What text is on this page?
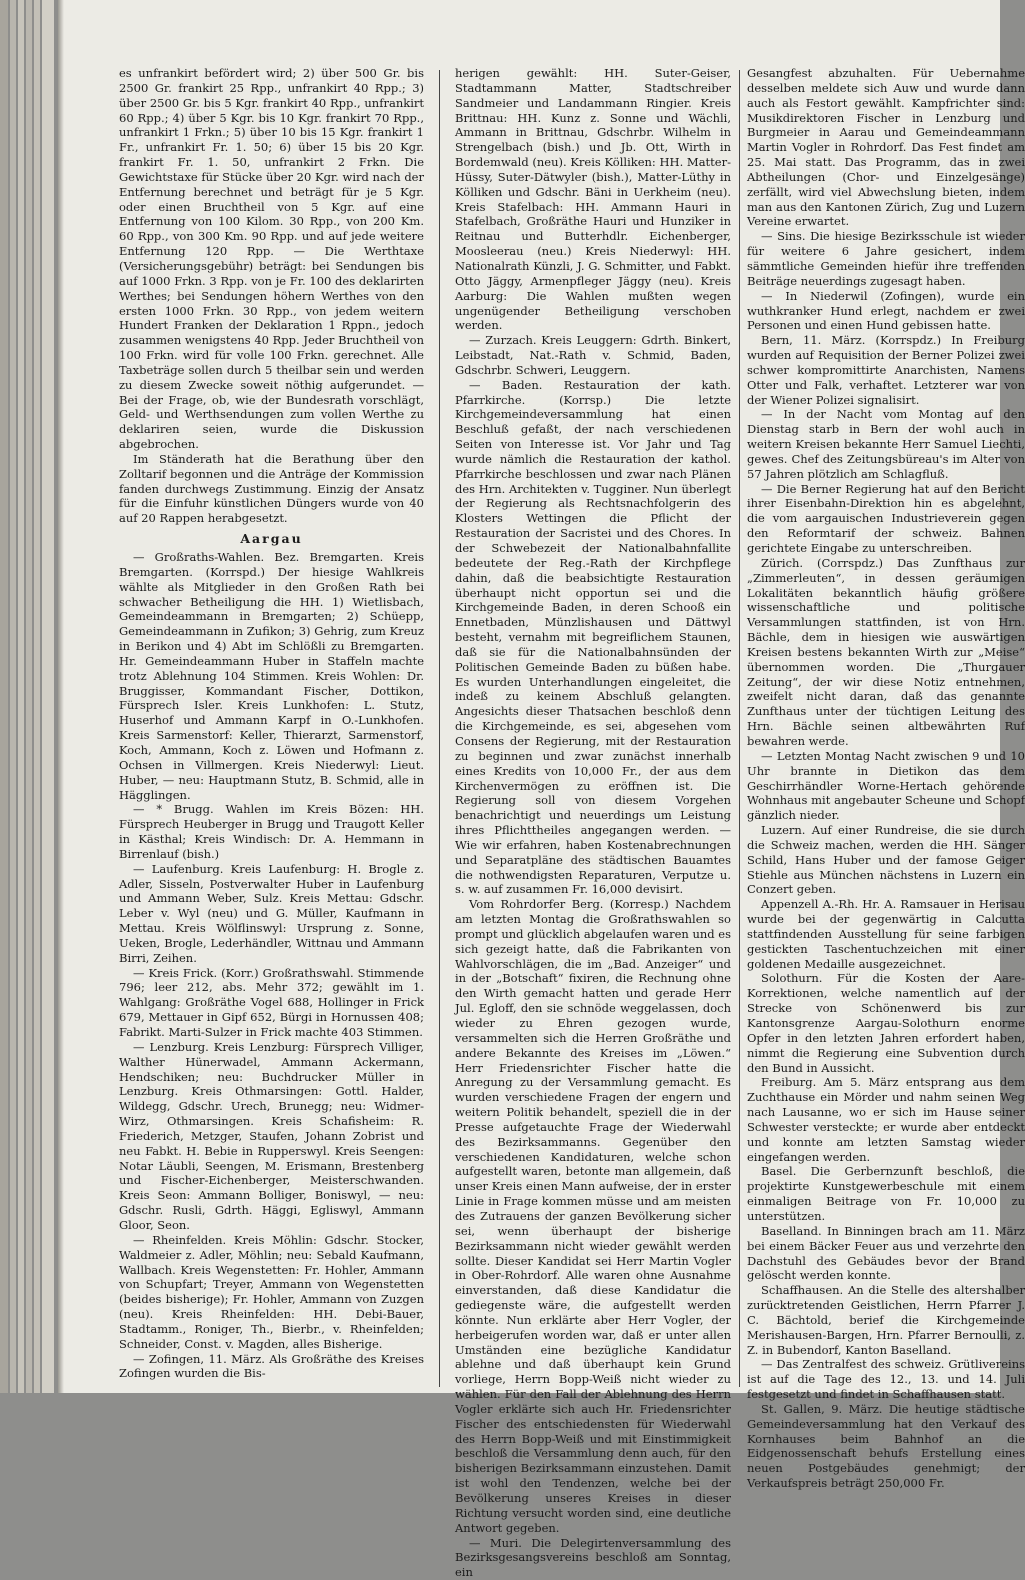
es unfrankirt befördert wird; 2) über 500 Gr. bis 2500 Gr. frankirt 25 Rpp., unfrankirt 40 Rpp.; 3) über 2500 Gr. bis 5 Kgr. frankirt 40 Rpp., unfrankirt 60 Rpp.; 4) über 5 Kgr. bis 10 Kgr. frankirt 70 Rpp., unfrankirt 1 Frkn.; 5) über 10 bis 15 Kgr. frankirt 1 Fr., unfrankirt Fr. 1. 50; 6) über 15 bis 20 Kgr. frankirt Fr. 1. 50, unfrankirt 2 Frkn. Die Gewichtstaxe für Stücke über 20 Kgr. wird nach der Entfernung berechnet und beträgt für je 5 Kgr. oder einen Bruchtheil von 5 Kgr. auf eine Entfernung von 100 Kilom. 30 Rpp., von 200 Km. 60 Rpp., von 300 Km. 90 Rpp. und auf jede weitere Entfernung 120 Rpp. — Die Werthtaxe (Versicherungsgebühr) beträgt: bei Sendungen bis auf 1000 Frkn. 3 Rpp. von je Fr. 100 des deklarirten Werthes; bei Sendungen höhern Werthes von den ersten 1000 Frkn. 30 Rpp., von jedem weitern Hundert Franken der Deklaration 1 Rppn., jedoch zusammen wenigstens 40 Rpp. Jeder Bruchtheil von 100 Frkn. wird für volle 100 Frkn. gerechnet. Alle Taxbeträge sollen durch 5 theilbar sein und werden zu diesem Zwecke soweit nöthig aufgerundet. — Bei der Frage, ob, wie der Bundesrath vorschlägt, Geld- und Werthsendungen zum vollen Werthe zu deklariren seien, wurde die Diskussion abgebrochen.

Im Ständerath hat die Berathung über den Zolltarif begonnen und die Anträge der Kommission fanden durchwegs Zustimmung. Einzig der Ansatz für die Einfuhr künstlichen Düngers wurde von 40 auf 20 Rappen herabgesetzt.

Aargau

— Großraths-Wahlen. Bez. Bremgarten. Kreis Bremgarten. (Korrspd.) Der hiesige Wahlkreis wählte als Mitglieder in den Großen Rath bei schwacher Betheiligung die HH. 1) Wietlisbach, Gemeindeammann in Bremgarten; 2) Schüepp, Gemeindeammann in Zufikon; 3) Gehrig, zum Kreuz in Berikon und 4) Abt im Schlößli zu Bremgarten. Hr. Gemeindeammann Huber in Staffeln machte trotz Ablehnung 104 Stimmen. Kreis Wohlen: Dr. Bruggisser, Kommandant Fischer, Dottikon, Fürsprech Isler. Kreis Lunkhofen: L. Stutz, Huserhof und Ammann Karpf in O.-Lunkhofen. Kreis Sarmenstorf: Keller, Thierarzt, Sarmenstorf, Koch, Ammann, Koch z. Löwen und Hofmann z. Ochsen in Villmergen. Kreis Niederwyl: Lieut. Huber, — neu: Hauptmann Stutz, B. Schmid, alle in Hägglingen.

— * Brugg. Wahlen im Kreis Bözen: HH. Fürsprech Heuberger in Brugg und Traugott Keller in Kästhal; Kreis Windisch: Dr. A. Hemmann in Birrenlauf (bish.)

— Laufenburg. Kreis Laufenburg: H. Brogle z. Adler, Sisseln, Postverwalter Huber in Laufenburg und Ammann Weber, Sulz. Kreis Mettau: Gdschr. Leber v. Wyl (neu) und G. Müller, Kaufmann in Mettau. Kreis Wölflinswyl: Ursprung z. Sonne, Ueken, Brogle, Lederhändler, Wittnau und Ammann Birri, Zeihen.

— Kreis Frick. (Korr.) Großrathswahl. Stimmende 796; leer 212, abs. Mehr 372; gewählt im 1. Wahlgang: Großräthe Vogel 688, Hollinger in Frick 679, Mettauer in Gipf 652, Bürgi in Hornussen 408; Fabrikt. Marti-Sulzer in Frick machte 403 Stimmen.

— Lenzburg. Kreis Lenzburg: Fürsprech Villiger, Walther Hünerwadel, Ammann Ackermann, Hendschiken; neu: Buchdrucker Müller in Lenzburg. Kreis Othmarsingen: Gottl. Halder, Wildegg, Gdschr. Urech, Brunegg; neu: Widmer-Wirz, Othmarsingen. Kreis Schafisheim: R. Friederich, Metzger, Staufen, Johann Zobrist und neu Fabkt. H. Bebie in Rupperswyl. Kreis Seengen: Notar Läubli, Seengen, M. Erismann, Brestenberg und Fischer-Eichenberger, Meisterschwanden. Kreis Seon: Ammann Bolliger, Boniswyl, — neu: Gdschr. Rusli, Gdrth. Häggi, Egliswyl, Ammann Gloor, Seon.

— Rheinfelden. Kreis Möhlin: Gdschr. Stocker, Waldmeier z. Adler, Möhlin; neu: Sebald Kaufmann, Wallbach. Kreis Wegenstetten: Fr. Hohler, Ammann von Schupfart; Treyer, Ammann von Wegenstetten (beides bisherige); Fr. Hohler, Ammann von Zuzgen (neu). Kreis Rheinfelden: HH. Debi-Bauer, Stadtamm., Roniger, Th., Bierbr., v. Rheinfelden; Schneider, Const. v. Magden, alles Bisherige.

— Zofingen, 11. März. Als Großräthe des Kreises Zofingen wurden die Bis-

herigen gewählt: HH. Suter-Geiser, Stadtammann Matter, Stadtschreiber Sandmeier und Landammann Ringier. Kreis Brittnau: HH. Kunz z. Sonne und Wächli, Ammann in Brittnau, Gdschrbr. Wilhelm in Strengelbach (bish.) und Jb. Ott, Wirth in Bordemwald (neu). Kreis Kölliken: HH. Matter-Hüssy, Suter-Dätwyler (bish.), Matter-Lüthy in Kölliken und Gdschr. Bäni in Uerkheim (neu). Kreis Stafelbach: HH. Ammann Hauri in Stafelbach, Großräthe Hauri und Hunziker in Reitnau und Butterhdlr. Eichenberger, Moosleerau (neu.) Kreis Niederwyl: HH. Nationalrath Künzli, J. G. Schmitter, und Fabkt. Otto Jäggy, Armenpfleger Jäggy (neu). Kreis Aarburg: Die Wahlen mußten wegen ungenügender Betheiligung verschoben werden.

— Zurzach. Kreis Leuggern: Gdrth. Binkert, Leibstadt, Nat.-Rath v. Schmid, Baden, Gdschrbr. Schweri, Leuggern.

— Baden. Restauration der kath. Pfarrkirche. (Korrsp.) Die letzte Kirchgemeindeversammlung hat einen Beschluß gefaßt, der nach verschiedenen Seiten von Interesse ist. Vor Jahr und Tag wurde nämlich die Restauration der kathol. Pfarrkirche beschlossen und zwar nach Plänen des Hrn. Architekten v. Tugginer. Nun überlegt der Regierung als Rechtsnachfolgerin des Klosters Wettingen die Pflicht der Restauration der Sacristei und des Chores. In der Schwebezeit der Nationalbahnfallite bedeutete der Reg.-Rath der Kirchpflege dahin, daß die beabsichtigte Restauration überhaupt nicht opportun sei und die Kirchgemeinde Baden, in deren Schooß ein Ennetbaden, Münzlishausen und Dättwyl besteht, vernahm mit begreiflichem Staunen, daß sie für die Nationalbahnsünden der Politischen Gemeinde Baden zu büßen habe. Es wurden Unterhandlungen eingeleitet, die indeß zu keinem Abschluß gelangten. Angesichts dieser Thatsachen beschloß denn die Kirchgemeinde, es sei, abgesehen vom Consens der Regierung, mit der Restauration zu beginnen und zwar zunächst innerhalb eines Kredits von 10,000 Fr., der aus dem Kirchenvermögen zu eröffnen ist. Die Regierung soll von diesem Vorgehen benachrichtigt und neuerdings um Leistung ihres Pflichttheiles angegangen werden. — Wie wir erfahren, haben Kostenabrechnungen und Separatpläne des städtischen Bauamtes die nothwendigsten Reparaturen, Verputze u. s. w. auf zusammen Fr. 16,000 devisirt.

Vom Rohrdorfer Berg. (Korresp.) Nachdem am letzten Montag die Großrathswahlen so prompt und glücklich abgelaufen waren und es sich gezeigt hatte, daß die Fabrikanten von Wahlvorschlägen, die im „Bad. Anzeiger“ und in der „Botschaft“ fixiren, die Rechnung ohne den Wirth gemacht hatten und gerade Herr Jul. Egloff, den sie schnöde weggelassen, doch wieder zu Ehren gezogen wurde, versammelten sich die Herren Großräthe und andere Bekannte des Kreises im „Löwen.“ Herr Friedensrichter Fischer hatte die Anregung zu der Versammlung gemacht. Es wurden verschiedene Fragen der engern und weitern Politik behandelt, speziell die in der Presse aufgetauchte Frage der Wiederwahl des Bezirksammanns. Gegenüber den verschiedenen Kandidaturen, welche schon aufgestellt waren, betonte man allgemein, daß unser Kreis einen Mann aufweise, der in erster Linie in Frage kommen müsse und am meisten des Zutrauens der ganzen Bevölkerung sicher sei, wenn überhaupt der bisherige Bezirksammann nicht wieder gewählt werden sollte. Dieser Kandidat sei Herr Martin Vogler in Ober-Rohrdorf. Alle waren ohne Ausnahme einverstanden, daß diese Kandidatur die gediegenste wäre, die aufgestellt werden könnte. Nun erklärte aber Herr Vogler, der herbeigerufen worden war, daß er unter allen Umständen eine bezügliche Kandidatur ablehne und daß überhaupt kein Grund vorliege, Herrn Bopp-Weiß nicht wieder zu wählen. Für den Fall der Ablehnung des Herrn Vogler erklärte sich auch Hr. Friedensrichter Fischer des entschiedensten für Wiederwahl des Herrn Bopp-Weiß und mit Einstimmigkeit beschloß die Versammlung denn auch, für den bisherigen Bezirksammann einzustehen. Damit ist wohl den Tendenzen, welche bei der Bevölkerung unseres Kreises in dieser Richtung versucht worden sind, eine deutliche Antwort gegeben.

— Muri. Die Delegirtenversammlung des Bezirksgesangsvereins beschloß am Sonntag, ein

Gesangfest abzuhalten. Für Uebernahme desselben meldete sich Auw und wurde dann auch als Festort gewählt. Kampfrichter sind: Musikdirektoren Fischer in Lenzburg und Burgmeier in Aarau und Gemeindeammann Martin Vogler in Rohrdorf. Das Fest findet am 25. Mai statt. Das Programm, das in zwei Abtheilungen (Chor- und Einzelgesänge) zerfällt, wird viel Abwechslung bieten, indem man aus den Kantonen Zürich, Zug und Luzern Vereine erwartet.

— Sins. Die hiesige Bezirksschule ist wieder für weitere 6 Jahre gesichert, indem sämmtliche Gemeinden hiefür ihre treffenden Beiträge neuerdings zugesagt haben.

— In Niederwil (Zofingen), wurde ein wuthkranker Hund erlegt, nachdem er zwei Personen und einen Hund gebissen hatte.

Bern, 11. März. (Korrspdz.) In Freiburg wurden auf Requisition der Berner Polizei zwei schwer kompromittirte Anarchisten, Namens Otter und Falk, verhaftet. Letzterer war von der Wiener Polizei signalisirt.

— In der Nacht vom Montag auf den Dienstag starb in Bern der wohl auch in weitern Kreisen bekannte Herr Samuel Liechti, gewes. Chef des Zeitungsbüreau's im Alter von 57 Jahren plötzlich am Schlagfluß.

— Die Berner Regierung hat auf den Bericht ihrer Eisenbahn-Direktion hin es abgelehnt, die vom aargauischen Industrieverein gegen den Reformtarif der schweiz. Bahnen gerichtete Eingabe zu unterschreiben.

Zürich. (Corrspdz.) Das Zunfthaus zur „Zimmerleuten“, in dessen geräumigen Lokalitäten bekanntlich häufig größere wissenschaftliche und politische Versammlungen stattfinden, ist von Hrn. Bächle, dem in hiesigen wie auswärtigen Kreisen bestens bekannten Wirth zur „Meise“ übernommen worden. Die „Thurgauer Zeitung“, der wir diese Notiz entnehmen, zweifelt nicht daran, daß das genannte Zunfthaus unter der tüchtigen Leitung des Hrn. Bächle seinen altbewährten Ruf bewahren werde.

— Letzten Montag Nacht zwischen 9 und 10 Uhr brannte in Dietikon das dem Geschirrhändler Worne-Hertach gehörende Wohnhaus mit angebauter Scheune und Schopf gänzlich nieder.

Luzern. Auf einer Rundreise, die sie durch die Schweiz machen, werden die HH. Sänger Schild, Hans Huber und der famose Geiger Stiehle aus München nächstens in Luzern ein Conzert geben.

Appenzell A.-Rh. Hr. A. Ramsauer in Herisau wurde bei der gegenwärtig in Calcutta stattfindenden Ausstellung für seine farbigen gestickten Taschentuchzeichen mit einer goldenen Medaille ausgezeichnet.

Solothurn. Für die Kosten der Aare-Korrektionen, welche namentlich auf der Strecke von Schönenwerd bis zur Kantonsgrenze Aargau-Solothurn enorme Opfer in den letzten Jahren erfordert haben, nimmt die Regierung eine Subvention durch den Bund in Aussicht.

Freiburg. Am 5. März entsprang aus dem Zuchthause ein Mörder und nahm seinen Weg nach Lausanne, wo er sich im Hause seiner Schwester versteckte; er wurde aber entdeckt und konnte am letzten Samstag wieder eingefangen werden.

Basel. Die Gerbernzunft beschloß, die projektirte Kunstgewerbeschule mit einem einmaligen Beitrage von Fr. 10,000 zu unterstützen.

Baselland. In Binningen brach am 11. März bei einem Bäcker Feuer aus und verzehrte den Dachstuhl des Gebäudes bevor der Brand gelöscht werden konnte.

Schaffhausen. An die Stelle des altershalber zurücktretenden Geistlichen, Herrn Pfarrer J. C. Bächtold, berief die Kirchgemeinde Merishausen-Bargen, Hrn. Pfarrer Bernoulli, z. Z. in Bubendorf, Kanton Baselland.

— Das Zentralfest des schweiz. Grütlivereins ist auf die Tage des 12., 13. und 14. Juli festgesetzt und findet in Schaffhausen statt.

St. Gallen, 9. März. Die heutige städtische Gemeindeversammlung hat den Verkauf des Kornhauses beim Bahnhof an die Eidgenossenschaft behufs Erstellung eines neuen Postgebäudes genehmigt; der Verkaufspreis beträgt 250,000 Fr.
